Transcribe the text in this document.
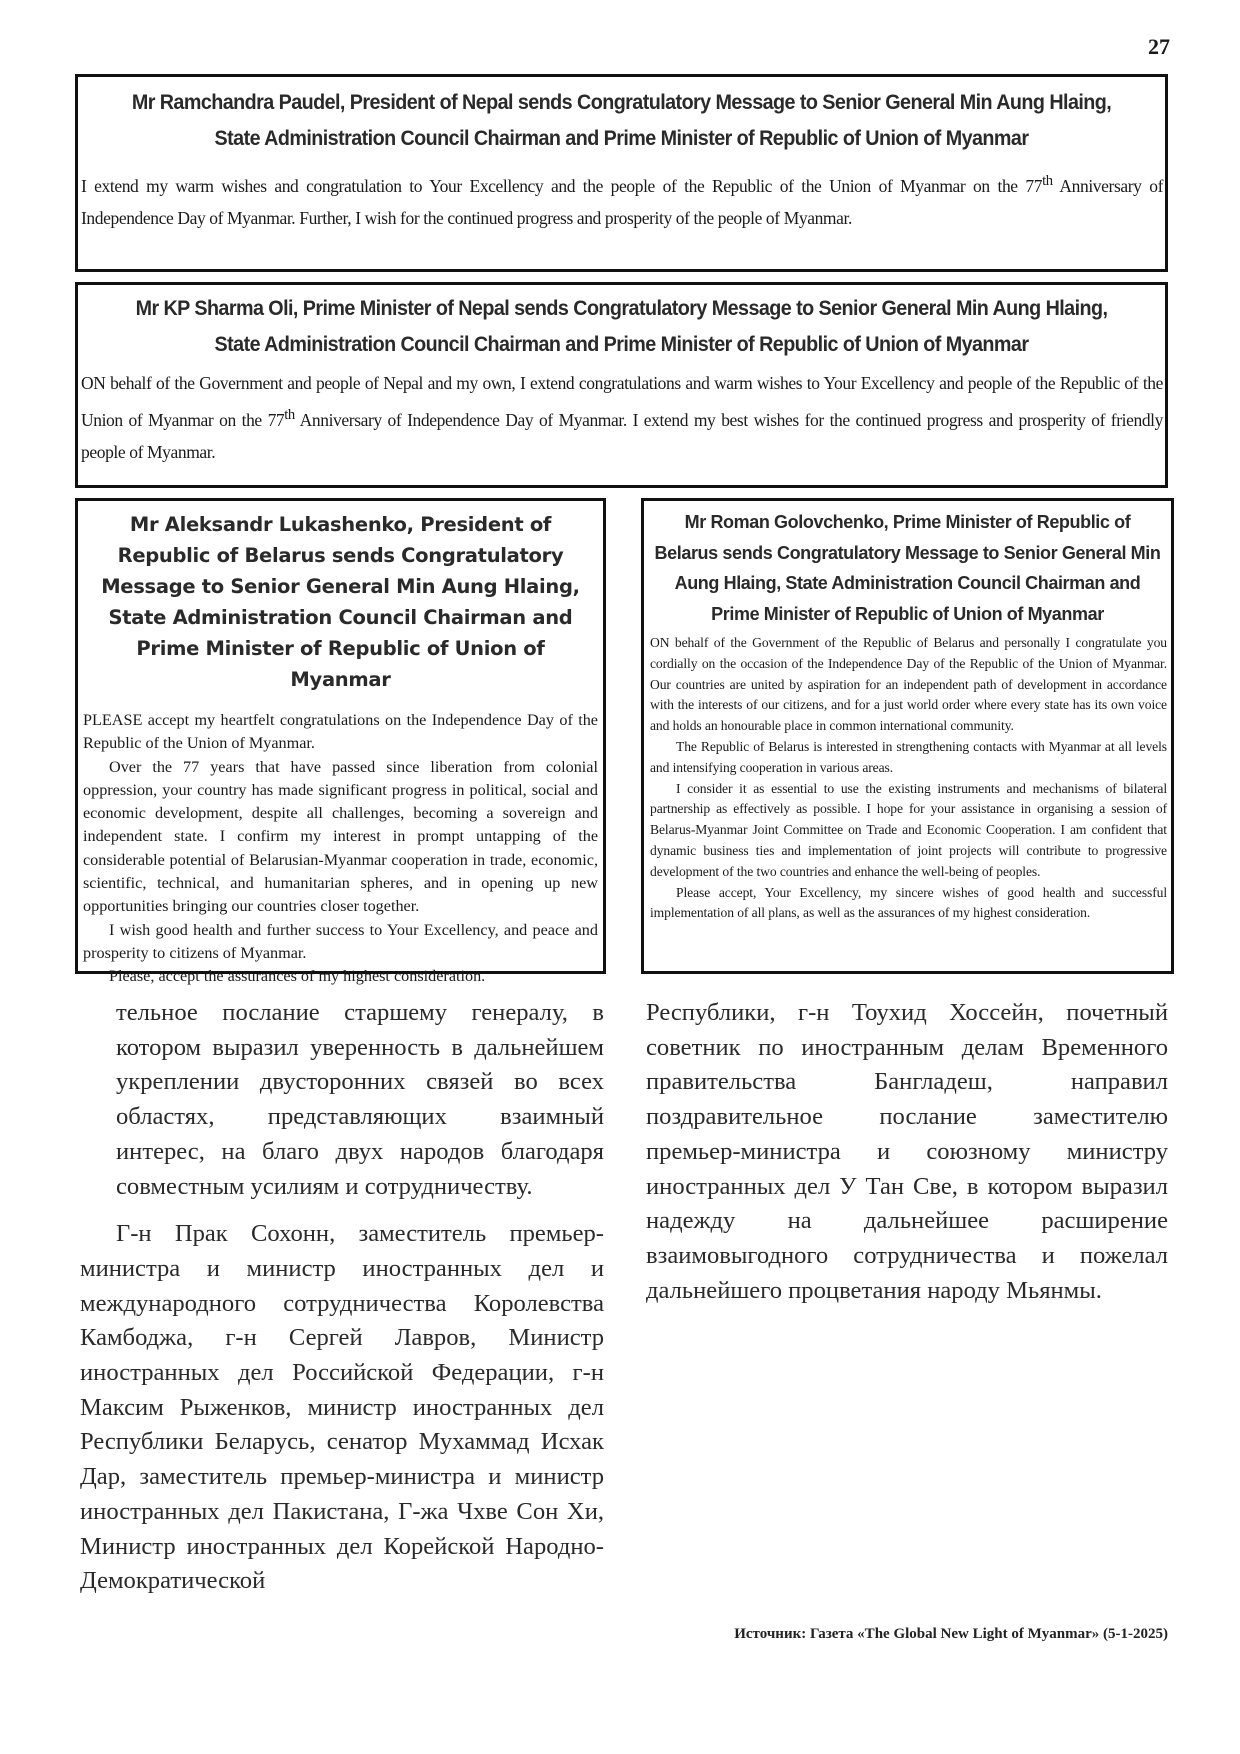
27
Mr Ramchandra Paudel, President of Nepal sends Congratulatory Message to Senior General Min Aung Hlaing,
State Administration Council Chairman and Prime Minister of Republic of Union of Myanmar
I extend my warm wishes and congratulation to Your Excellency and the people of the Republic of the Union of Myanmar on the 77th Anniversary of Independence Day of Myanmar. Further, I wish for the continued progress and prosperity of the people of Myanmar.
Mr KP Sharma Oli, Prime Minister of Nepal sends Congratulatory Message to Senior General Min Aung Hlaing,
State Administration Council Chairman and Prime Minister of Republic of Union of Myanmar
ON behalf of the Government and people of Nepal and my own, I extend congratulations and warm wishes to Your Excellency and people of the Republic of the Union of Myanmar on the 77th Anniversary of Independence Day of Myanmar. I extend my best wishes for the continued progress and prosperity of friendly people of Myanmar.
Mr Aleksandr Lukashenko, President of Republic of Belarus sends Congratulatory Message to Senior General Min Aung Hlaing, State Administration Council Chairman and Prime Minister of Republic of Union of Myanmar

PLEASE accept my heartfelt congratulations on the Independence Day of the Republic of the Union of Myanmar.

Over the 77 years that have passed since liberation from colonial oppression, your country has made significant progress in political, social and economic development, despite all challenges, becoming a sovereign and independent state. I confirm my interest in prompt untapping of the considerable potential of Belarusian-Myanmar cooperation in trade, economic, scientific, technical, and humanitarian spheres, and in opening up new opportunities bringing our countries closer together.

I wish good health and further success to Your Excellency, and peace and prosperity to citizens of Myanmar.

Please, accept the assurances of my highest consideration.

Mr Roman Golovchenko, Prime Minister of Republic of Belarus sends Congratulatory Message to Senior General Min Aung Hlaing, State Administration Council Chairman and Prime Minister of Republic of Union of Myanmar

ON behalf of the Government of the Republic of Belarus and personally I congratulate you cordially on the occasion of the Independence Day of the Republic of the Union of Myanmar. Our countries are united by aspiration for an independent path of development in accordance with the interests of our citizens, and for a just world order where every state has its own voice and holds an honourable place in common international community.

The Republic of Belarus is interested in strengthening contacts with Myanmar at all levels and intensifying cooperation in various areas.

I consider it as essential to use the existing instruments and mechanisms of bilateral partnership as effectively as possible. I hope for your assistance in organising a session of Belarus-Myanmar Joint Committee on Trade and Economic Cooperation. I am confident that dynamic business ties and implementation of joint projects will contribute to progressive development of the two countries and enhance the well-being of peoples.

Please accept, Your Excellency, my sincere wishes of good health and successful implementation of all plans, as well as the assurances of my highest consideration.

тельное послание старшему генералу, в котором выразил уверенность в дальнейшем укреплении двусторонних связей во всех областях, представляющих взаимный интерес, на благо двух народов благодаря совместным усилиям и сотрудничеству.

Г-н Прак Сохонн, заместитель премьер-министра и министр иностранных дел и международного сотрудничества Королевства Камбоджа, г-н Сергей Лавров, Министр иностранных дел Российской Федерации, г-н Максим Рыженков, министр иностранных дел Республики Беларусь, сенатор Мухаммад Исхак Дар, заместитель премьер-министра и министр иностранных дел Пакистана, Г-жа Чхве Сон Хи, Министр иностранных дел Корейской Народно-Демократической

Республики, г-н Тоухид Хоссейн, почетный советник по иностранным делам Временного правительства Бангладеш, направил поздравительное послание заместителю премьер-министра и союзному министру иностранных дел У Тан Све, в котором выразил надежду на дальнейшее расширение взаимовыгодного сотрудничества и пожелал дальнейшего процветания народу Мьянмы.

Источник: Газета «The Global New Light of Myanmar» (5-1-2025)
